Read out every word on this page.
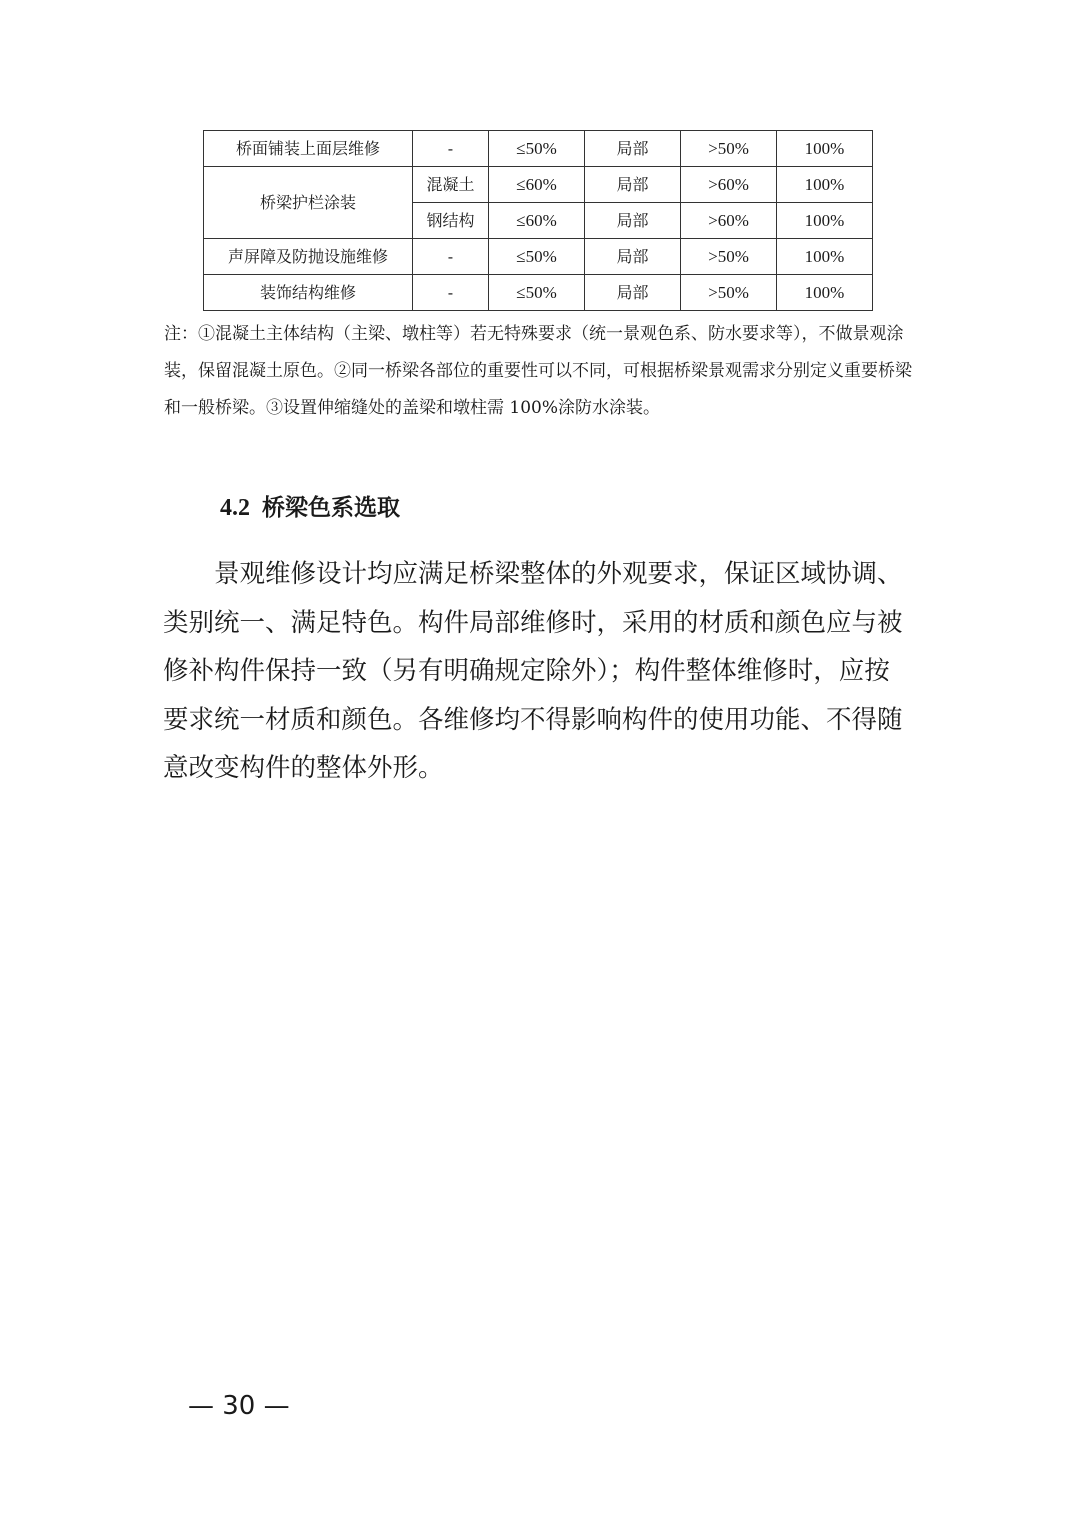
桥面铺装上面层维修	-	≤50%	局部	>50%	100%
桥梁护栏涂装	混凝土	≤60%	局部	>60%	100%
	钢结构	≤60%	局部	>60%	100%
声屏障及防抛设施维修	-	≤50%	局部	>50%	100%
装饰结构维修	-	≤50%	局部	>50%	100%

注：①混凝土主体结构（主梁、墩柱等）若无特殊要求（统一景观色系、防水要求等），不做景观涂装，保留混凝土原色。②同一桥梁各部位的重要性可以不同，可根据桥梁景观需求分别定义重要桥梁和一般桥梁。③设置伸缩缝处的盖梁和墩柱需 100%涂防水涂装。

4.2 桥梁色系选取

景观维修设计均应满足桥梁整体的外观要求，保证区域协调、类别统一、满足特色。构件局部维修时，采用的材质和颜色应与被修补构件保持一致（另有明确规定除外）；构件整体维修时，应按要求统一材质和颜色。各维修均不得影响构件的使用功能、不得随意改变构件的整体外形。

— 30 —
